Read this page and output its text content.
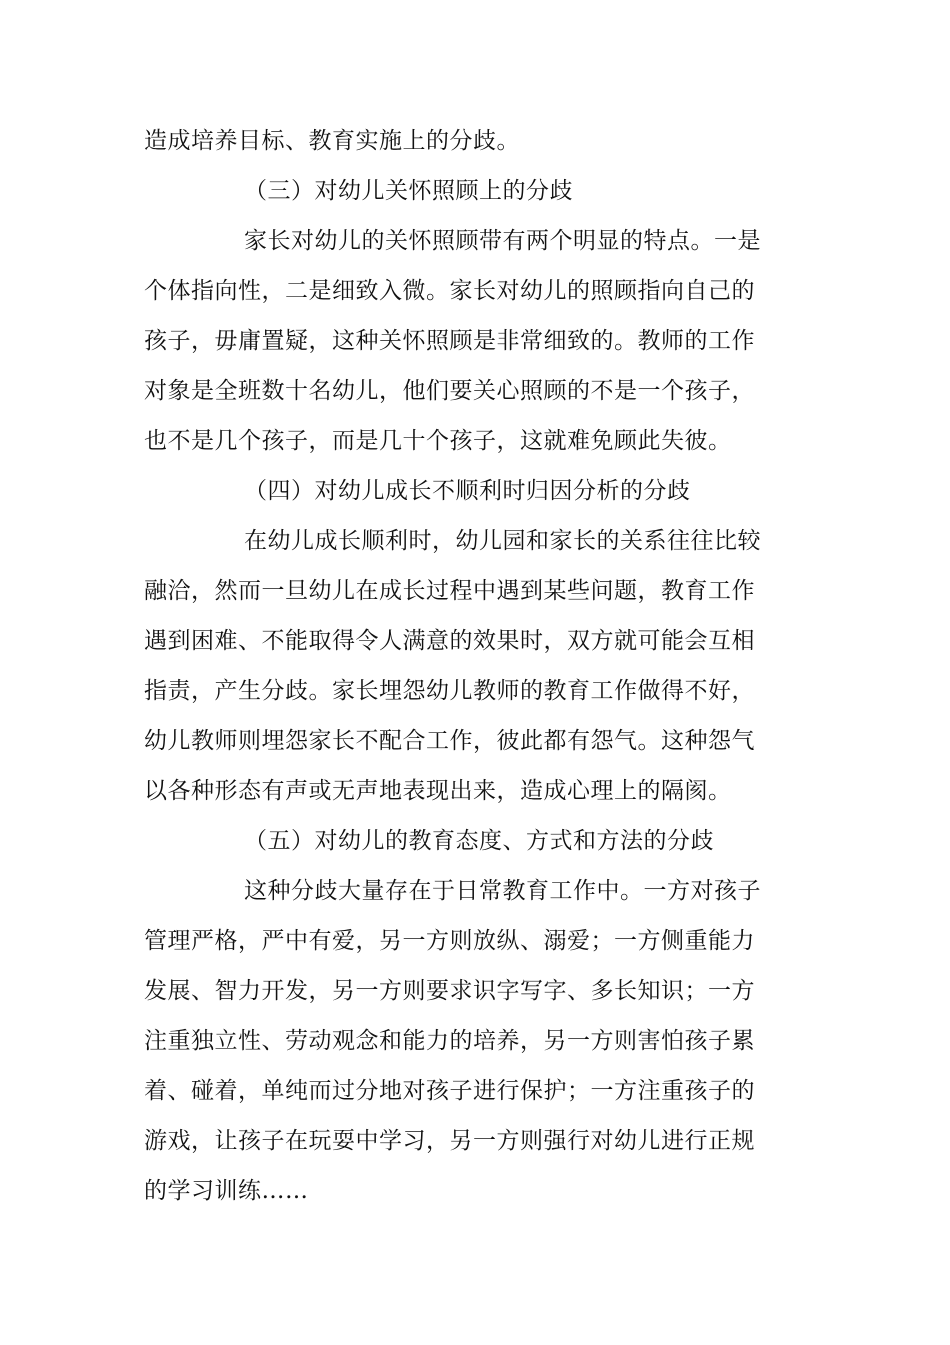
造成培养目标、教育实施上的分歧。
（三）对幼儿关怀照顾上的分歧
家长对幼儿的关怀照顾带有两个明显的特点。一是
个体指向性，二是细致入微。家长对幼儿的照顾指向自己的
孩子，毋庸置疑，这种关怀照顾是非常细致的。教师的工作
对象是全班数十名幼儿，他们要关心照顾的不是一个孩子，
也不是几个孩子，而是几十个孩子，这就难免顾此失彼。
（四）对幼儿成长不顺利时归因分析的分歧
在幼儿成长顺利时，幼儿园和家长的关系往往比较
融洽，然而一旦幼儿在成长过程中遇到某些问题，教育工作
遇到困难、不能取得令人满意的效果时，双方就可能会互相
指责，产生分歧。家长埋怨幼儿教师的教育工作做得不好，
幼儿教师则埋怨家长不配合工作，彼此都有怨气。这种怨气
以各种形态有声或无声地表现出来，造成心理上的隔阂。
（五）对幼儿的教育态度、方式和方法的分歧
这种分歧大量存在于日常教育工作中。一方对孩子
管理严格，严中有爱，另一方则放纵、溺爱；一方侧重能力
发展、智力开发，另一方则要求识字写字、多长知识；一方
注重独立性、劳动观念和能力的培养，另一方则害怕孩子累
着、碰着，单纯而过分地对孩子进行保护；一方注重孩子的
游戏，让孩子在玩耍中学习，另一方则强行对幼儿进行正规
的学习训练……
